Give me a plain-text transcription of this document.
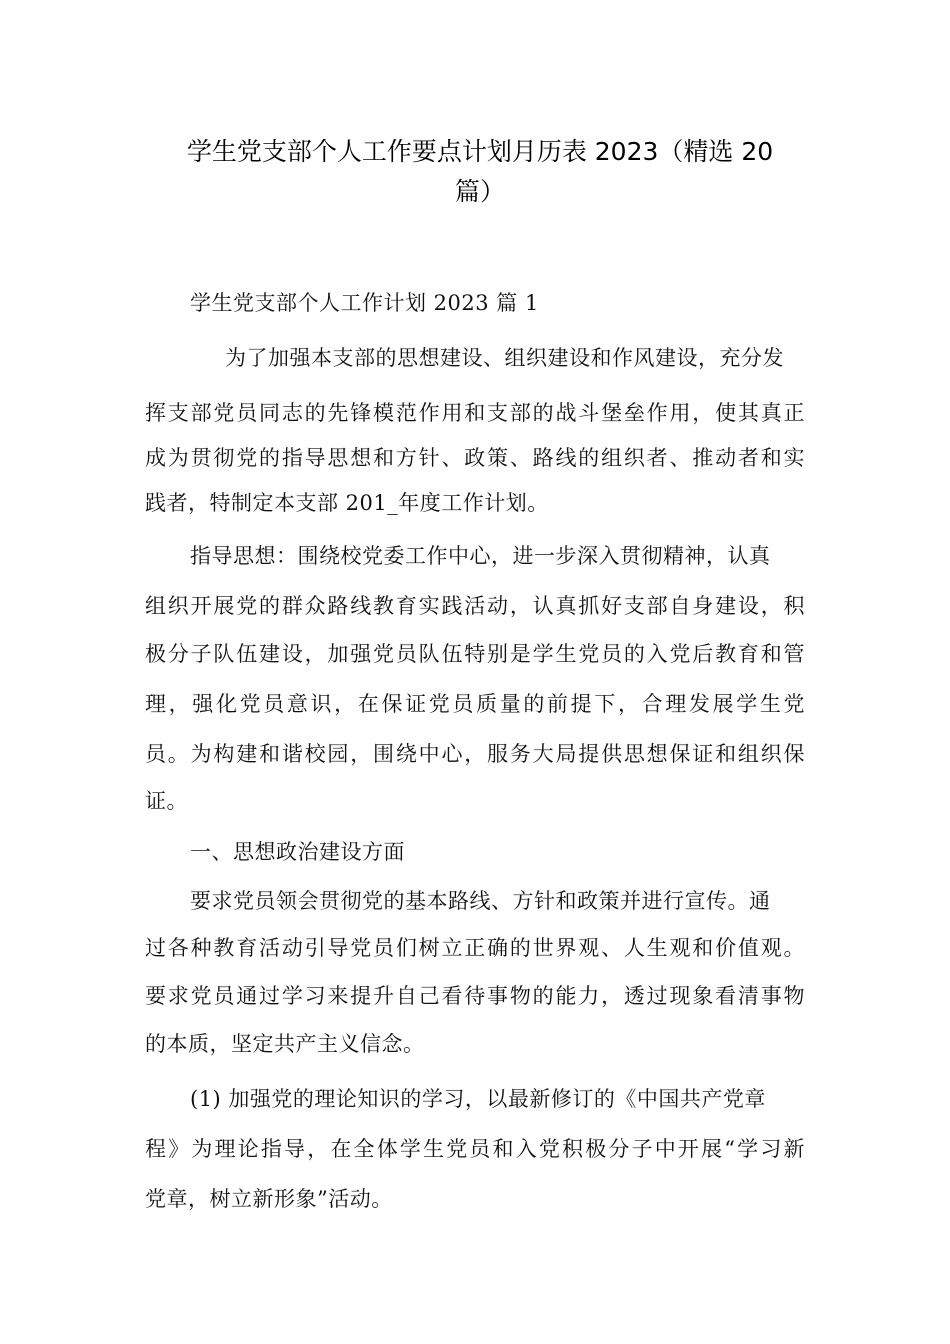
学生党支部个人工作要点计划月历表 2023（精选 20
篇）
学生党支部个人工作计划 2023 篇 1
为了加强本支部的思想建设、组织建设和作风建设，充分发
挥支部党员同志的先锋模范作用和支部的战斗堡垒作用，使其真正
成为贯彻党的指导思想和方针、政策、路线的组织者、推动者和实
践者，特制定本支部 201_年度工作计划。
指导思想：围绕校党委工作中心，进一步深入贯彻精神，认真
组织开展党的群众路线教育实践活动，认真抓好支部自身建设，积
极分子队伍建设，加强党员队伍特别是学生党员的入党后教育和管
理，强化党员意识，在保证党员质量的前提下，合理发展学生党
员。为构建和谐校园，围绕中心，服务大局提供思想保证和组织保
证。
一、思想政治建设方面
要求党员领会贯彻党的基本路线、方针和政策并进行宣传。通
过各种教育活动引导党员们树立正确的世界观、人生观和价值观。
要求党员通过学习来提升自己看待事物的能力，透过现象看清事物
的本质，坚定共产主义信念。
(1) 加强党的理论知识的学习，以最新修订的《中国共产党章
程》为理论指导，在全体学生党员和入党积极分子中开展“学习新
党章，树立新形象”活动。
